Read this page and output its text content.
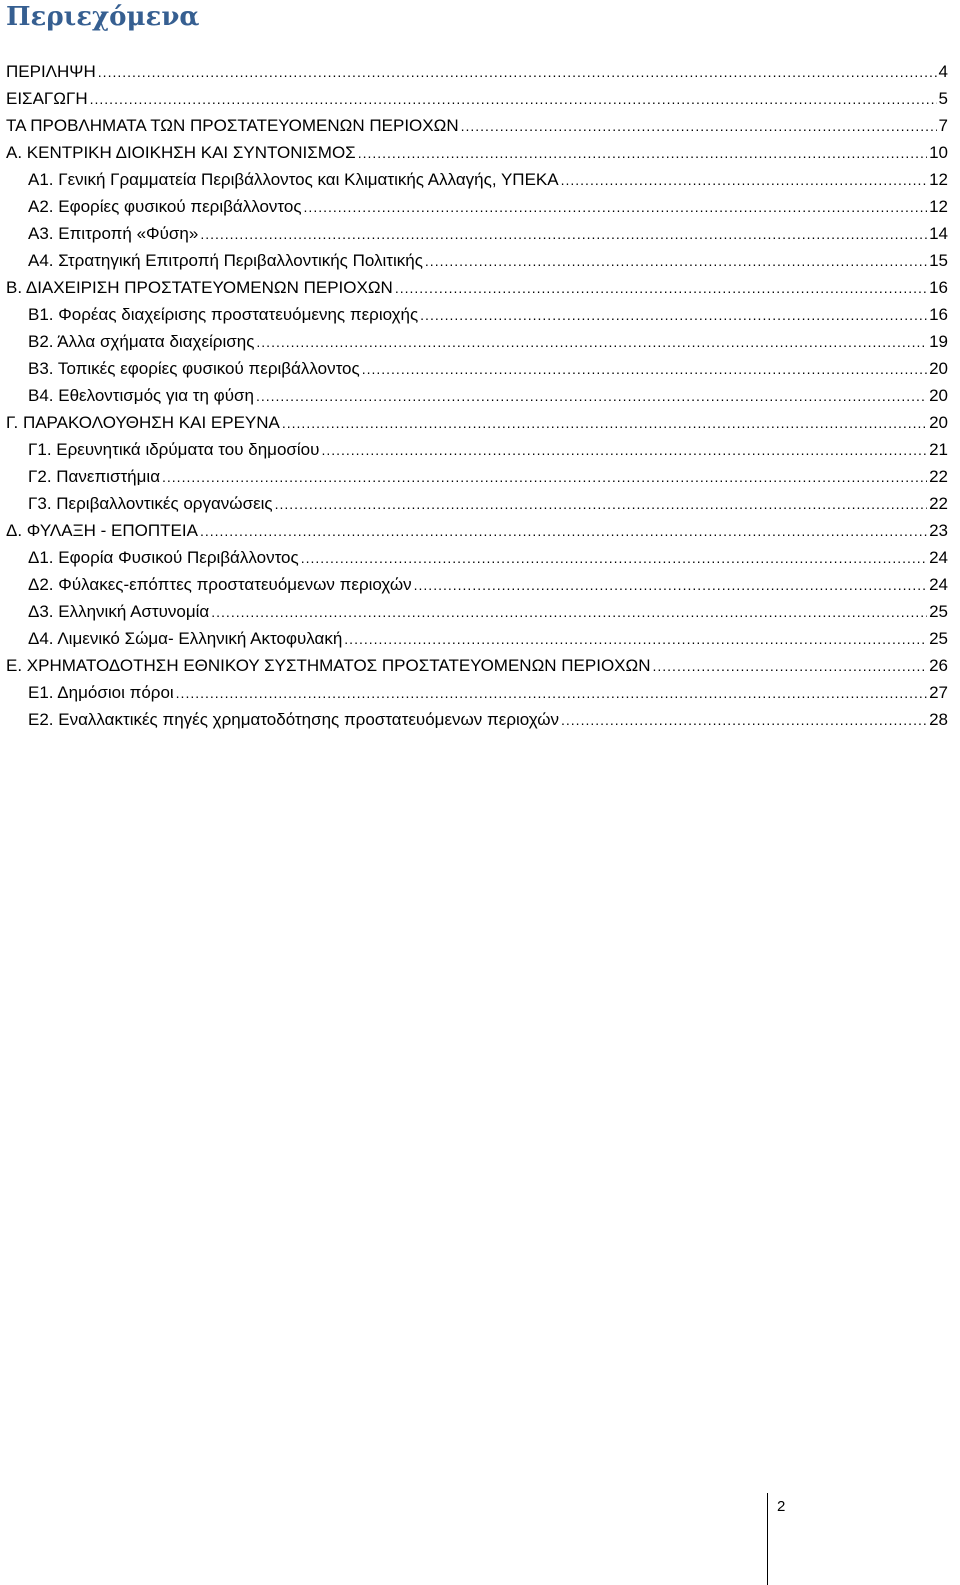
Περιεχόμενα
ΠΕΡΙΛΗΨΗ .....	4
ΕΙΣΑΓΩΓΗ .....	5
ΤΑ ΠΡΟΒΛΗΜΑΤΑ ΤΩΝ ΠΡΟΣΤΑΤΕΥΟΜΕΝΩΝ ΠΕΡΙΟΧΩΝ .....	7
Α. ΚΕΝΤΡΙΚΗ ΔΙΟΙΚΗΣΗ ΚΑΙ ΣΥΝΤΟΝΙΣΜΟΣ .....	10
Α1. Γενική Γραμματεία Περιβάλλοντος και Κλιματικής Αλλαγής, ΥΠΕΚΑ .....	12
Α2. Εφορίες φυσικού περιβάλλοντος .....	12
Α3. Επιτροπή «Φύση» .....	14
Α4. Στρατηγική Επιτροπή Περιβαλλοντικής Πολιτικής .....	15
Β. ΔΙΑΧΕΙΡΙΣΗ ΠΡΟΣΤΑΤΕΥΟΜΕΝΩΝ ΠΕΡΙΟΧΩΝ .....	16
Β1. Φορέας διαχείρισης προστατευόμενης περιοχής .....	16
Β2. Άλλα σχήματα διαχείρισης .....	19
Β3. Τοπικές εφορίες φυσικού περιβάλλοντος .....	20
Β4. Εθελοντισμός για τη φύση .....	20
Γ. ΠΑΡΑΚΟΛΟΥΘΗΣΗ ΚΑΙ ΕΡΕΥΝΑ .....	20
Γ1. Ερευνητικά ιδρύματα του δημοσίου .....	21
Γ2. Πανεπιστήμια .....	22
Γ3. Περιβαλλοντικές οργανώσεις .....	22
Δ. ΦΥΛΑΞΗ - ΕΠΟΠΤΕΙΑ .....	23
Δ1. Εφορία Φυσικού Περιβάλλοντος .....	24
Δ2. Φύλακες-επόπτες προστατευόμενων περιοχών .....	24
Δ3. Ελληνική Αστυνομία .....	25
Δ4. Λιμενικό Σώμα- Ελληνική Ακτοφυλακή .....	25
Ε. ΧΡΗΜΑΤΟΔΟΤΗΣΗ ΕΘΝΙΚΟΥ ΣΥΣΤΗΜΑΤΟΣ ΠΡΟΣΤΑΤΕΥΟΜΕΝΩΝ ΠΕΡΙΟΧΩΝ .....	26
Ε1. Δημόσιοι πόροι .....	27
Ε2. Εναλλακτικές πηγές χρηματοδότησης προστατευόμενων περιοχών .....	28
2
